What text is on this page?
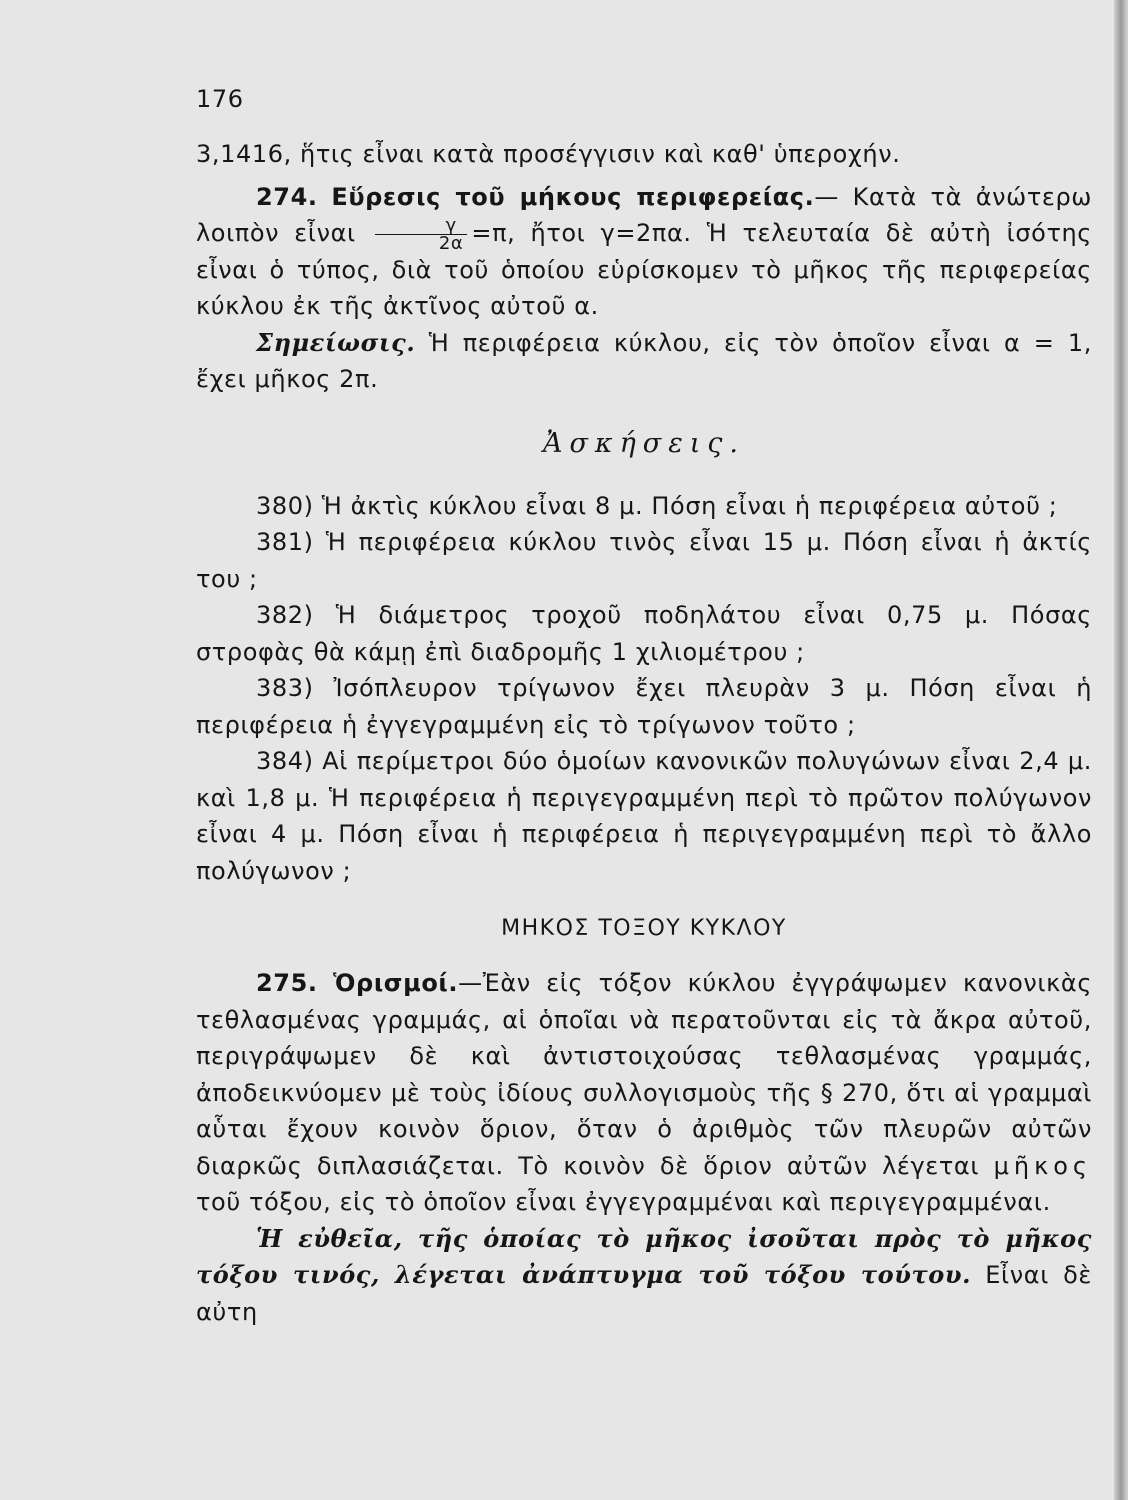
176

3,1416, ἥτις εἶναι κατὰ προσέγγισιν καὶ καθ' ὑπεροχήν.

274. Εὕρεσις τοῦ μήκους περιφερείας.— Κατὰ τὰ ἀνώτερω λοιπὸν εἶναι $\frac{\gamma}{2\alpha} =\pi$, ἤτοι γ=2πα. Ἡ τελευταία δὲ αὐτὴ ἰσότης εἶναι ὁ τύπος, διὰ τοῦ ὁποίου εὑρίσκομεν τὸ μῆκος τῆς περιφερείας κύκλου ἐκ τῆς ἀκτῖνος αὐτοῦ α.

Σημείωσις. Ἡ περιφέρεια κύκλου, εἰς τὸν ὁποῖον εἶναι α = 1, ἔχει μῆκος 2π.

Ἀσκήσεις.

380) Ἡ ἀκτὶς κύκλου εἶναι 8 μ. Πόση εἶναι ἡ περιφέρεια αὐτοῦ ;

381) Ἡ περιφέρεια κύκλου τινὸς εἶναι 15 μ. Πόση εἶναι ἡ ἀκτίς του ;

382) Ἡ διάμετρος τροχοῦ ποδηλάτου εἶναι 0,75 μ. Πόσας στροφὰς θὰ κάμῃ ἐπὶ διαδρομῆς 1 χιλιομέτρου ;

383) Ἰσόπλευρον τρίγωνον ἔχει πλευρὰν 3 μ. Πόση εἶναι ἡ περιφέρεια ἡ ἐγγεγραμμένη εἰς τὸ τρίγωνον τοῦτο ;

384) Αἱ περίμετροι δύο ὁμοίων κανονικῶν πολυγώνων εἶναι 2,4 μ. καὶ 1,8 μ. Ἡ περιφέρεια ἡ περιγεγραμμένη περὶ τὸ πρῶτον πολύγωνον εἶναι 4 μ. Πόση εἶναι ἡ περιφέρεια ἡ περιγεγραμμένη περὶ τὸ ἄλλο πολύγωνον ;

ΜΗΚΟΣ ΤΟΞΟΥ ΚΥΚΛΟΥ

275. Ὁρισμοί.—Ἐὰν εἰς τόξον κύκλου ἐγγράψωμεν κανονικὰς τεθλασμένας γραμμάς, αἱ ὁποῖαι νὰ περατοῦνται εἰς τὰ ἄκρα αὐτοῦ, περιγράψωμεν δὲ καὶ ἀντιστοιχούσας τεθλασμένας γραμμάς, ἀποδεικνύομεν μὲ τοὺς ἰδίους συλλογισμοὺς τῆς § 270, ὅτι αἱ γραμμαὶ αὗται ἔχουν κοινὸν ὅριον, ὅταν ὁ ἀριθμὸς τῶν πλευρῶν αὐτῶν διαρκῶς διπλασιάζεται. Τὸ κοινὸν δὲ ὅριον αὐτῶν λέγεται μῆκος τοῦ τόξου, εἰς τὸ ὁποῖον εἶναι ἐγγεγραμμέναι καὶ περιγεγραμμέναι.

Ἡ εὐθεῖα, τῆς ὁποίας τὸ μῆκος ἰσοῦται πρὸς τὸ μῆκος τόξου τινός, λέγεται ἀνάπτυγμα τοῦ τόξου τούτου. Εἶναι δὲ αὐτη
